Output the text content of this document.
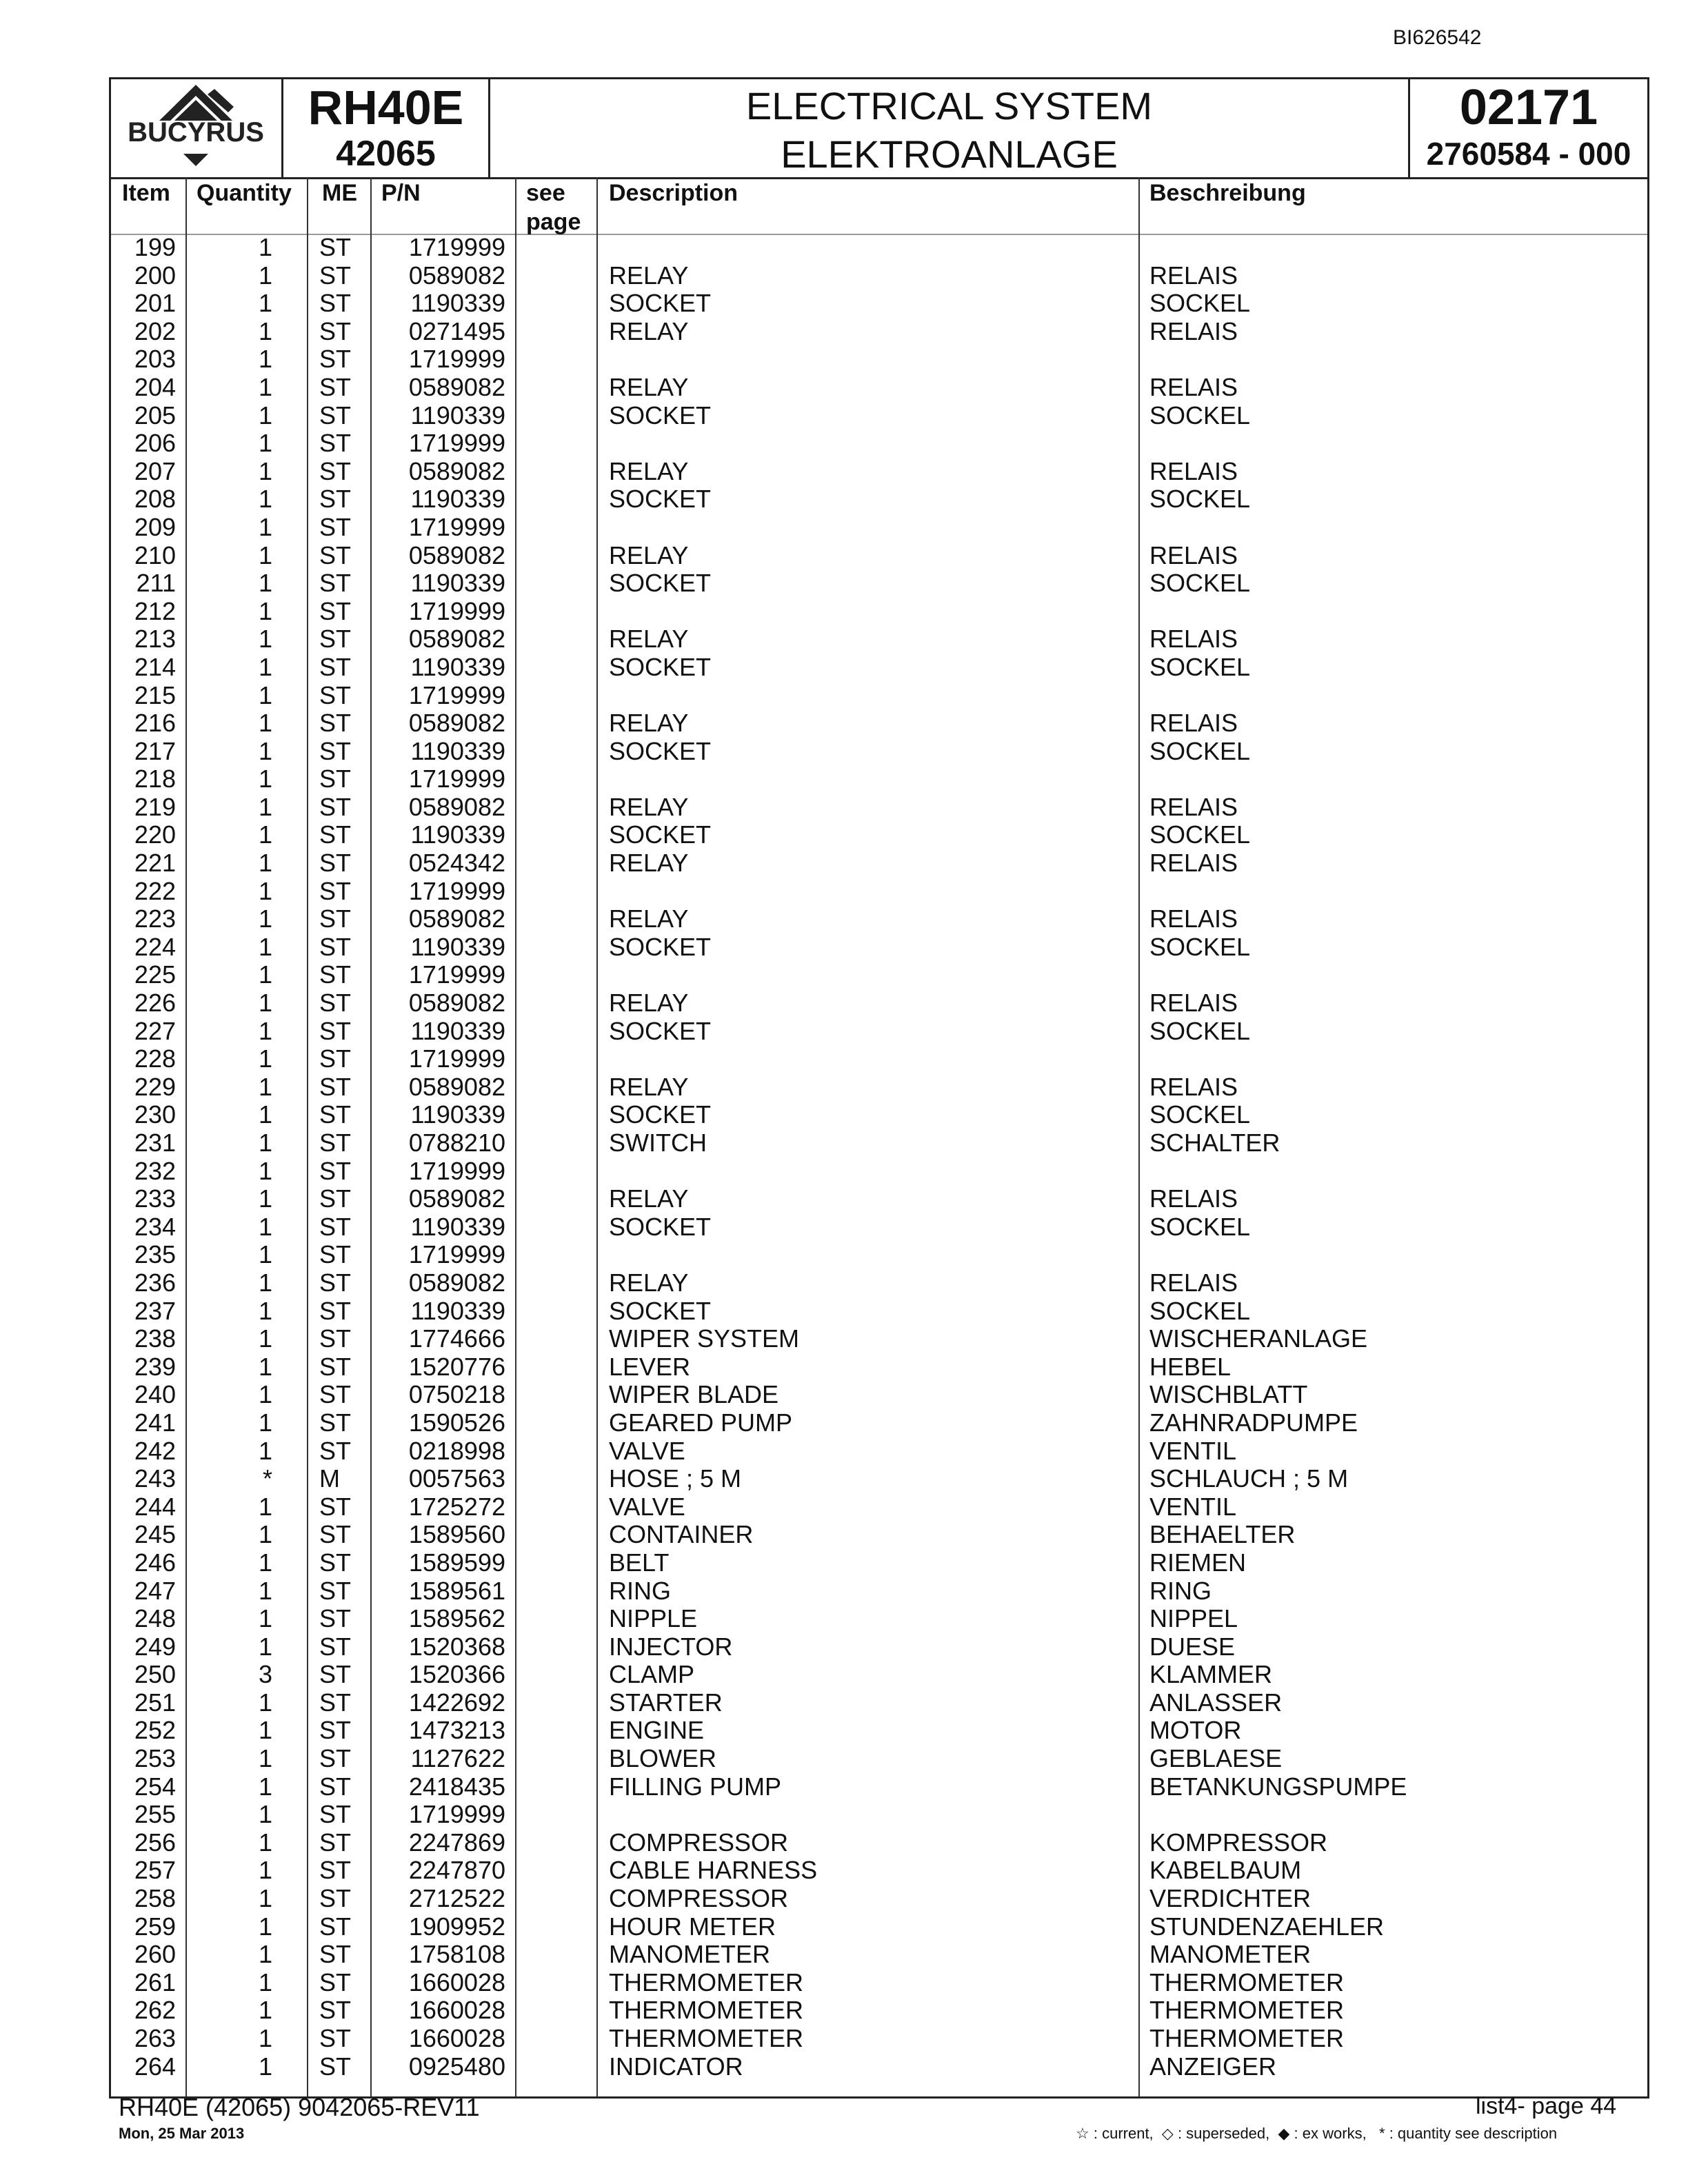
BI626542
BUCYRUS RH40E
42065
ELECTRICAL SYSTEM
ELEKTROANLAGE
02171
2760584 - 000
Item Quantity ME P/N	see page
Description	Beschreibung
199	1 ST	1719999
200	1 ST	0589082	RELAY	RELAIS
201	1 ST	1190339	SOCKET	SOCKEL
202	1 ST	0271495	RELAY	RELAIS
203	1 ST	1719999
204	1 ST	0589082	RELAY	RELAIS
205	1 ST	1190339	SOCKET	SOCKEL
206	1 ST	1719999
207	1 ST	0589082	RELAY	RELAIS
208	1 ST	1190339	SOCKET	SOCKEL
209	1 ST	1719999
210	1 ST	0589082	RELAY	RELAIS
211	1 ST	1190339	SOCKET	SOCKEL
212	1 ST	1719999
213	1 ST	0589082	RELAY	RELAIS
214	1 ST	1190339	SOCKET	SOCKEL
215	1 ST	1719999
216	1 ST	0589082	RELAY	RELAIS
217	1 ST	1190339	SOCKET	SOCKEL
218	1 ST	1719999
219	1 ST	0589082	RELAY	RELAIS
220	1 ST	1190339	SOCKET	SOCKEL
221	1 ST	0524342	RELAY	RELAIS
222	1 ST	1719999
223	1 ST	0589082	RELAY	RELAIS
224	1 ST	1190339	SOCKET	SOCKEL
225	1 ST	1719999
226	1 ST	0589082	RELAY	RELAIS
227	1 ST	1190339	SOCKET	SOCKEL
228	1 ST	1719999
229	1 ST	0589082	RELAY	RELAIS
230	1 ST	1190339	SOCKET	SOCKEL
231	1 ST	0788210	SWITCH	SCHALTER
232	1 ST	1719999
233	1 ST	0589082	RELAY	RELAIS
234	1 ST	1190339	SOCKET	SOCKEL
235	1 ST	1719999
236	1 ST	0589082	RELAY	RELAIS
237	1 ST	1190339	SOCKET	SOCKEL
238	1 ST	1774666	WIPER SYSTEM	WISCHERANLAGE
239	1 ST	1520776	LEVER	HEBEL
240	1 ST	0750218	WIPER BLADE	WISCHBLATT
241	1 ST	1590526	GEARED PUMP	ZAHNRADPUMPE
242	1 ST	0218998	VALVE	VENTIL
243	* M	0057563	HOSE ; 5 M	SCHLAUCH ; 5 M
244	1 ST	1725272	VALVE	VENTIL
245	1 ST	1589560	CONTAINER	BEHAELTER
246	1 ST	1589599	BELT	RIEMEN
247	1 ST	1589561	RING	RING
248	1 ST	1589562	NIPPLE	NIPPEL
249	1 ST	1520368	INJECTOR	DUESE
250	3 ST	1520366	CLAMP	KLAMMER
251	1 ST	1422692	STARTER	ANLASSER
252	1 ST	1473213	ENGINE	MOTOR
253	1 ST	1127622	BLOWER	GEBLAESE
254	1 ST	2418435	FILLING PUMP	BETANKUNGSPUMPE
255	1 ST	1719999
256	1 ST	2247869	COMPRESSOR	KOMPRESSOR
257	1 ST	2247870	CABLE HARNESS	KABELBAUM
258	1 ST	2712522	COMPRESSOR	VERDICHTER
259	1 ST	1909952	HOUR METER	STUNDENZAEHLER
260	1 ST	1758108	MANOMETER	MANOMETER
261	1 ST	1660028	THERMOMETER	THERMOMETER
262	1 ST	1660028	THERMOMETER	THERMOMETER
263	1 ST	1660028	THERMOMETER	THERMOMETER
264	1 ST	0925480	INDICATOR	ANZEIGER
RH40E (42065) 9042065-REV11
Mon, 25 Mar 2013
list4- page 44
☆ : current, ◇ : superseded, ◆ : ex works, * : quantity see description
